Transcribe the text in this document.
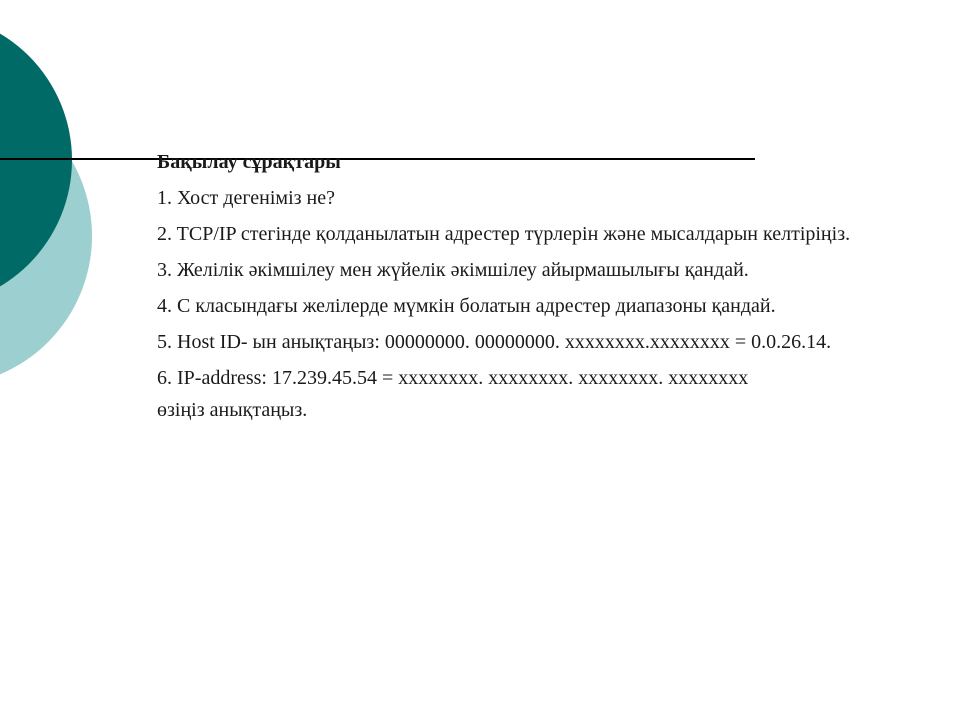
Бақылау сұрақтары
1. Хост дегеніміз не?
2. TCP/IP стегінде қолданылатын адрестер түрлерін және мысалдарын келтіріңіз.
3. Желілік әкімшілеу мен жүйелік әкімшілеу айырмашылығы қандай.
4. С класындағы желілерде мүмкін болатын адрестер диапазоны қандай.
5. Host ID- ын анықтаңыз: 00000000. 00000000. xxxxxxxx.xxxxxxxx = 0.0.26.14.
6. IP-address: 17.239.45.54 = xxxxxxxx. xxxxxxxx. xxxxxxxx. xxxxxxxx
өзіңіз анықтаңыз.
